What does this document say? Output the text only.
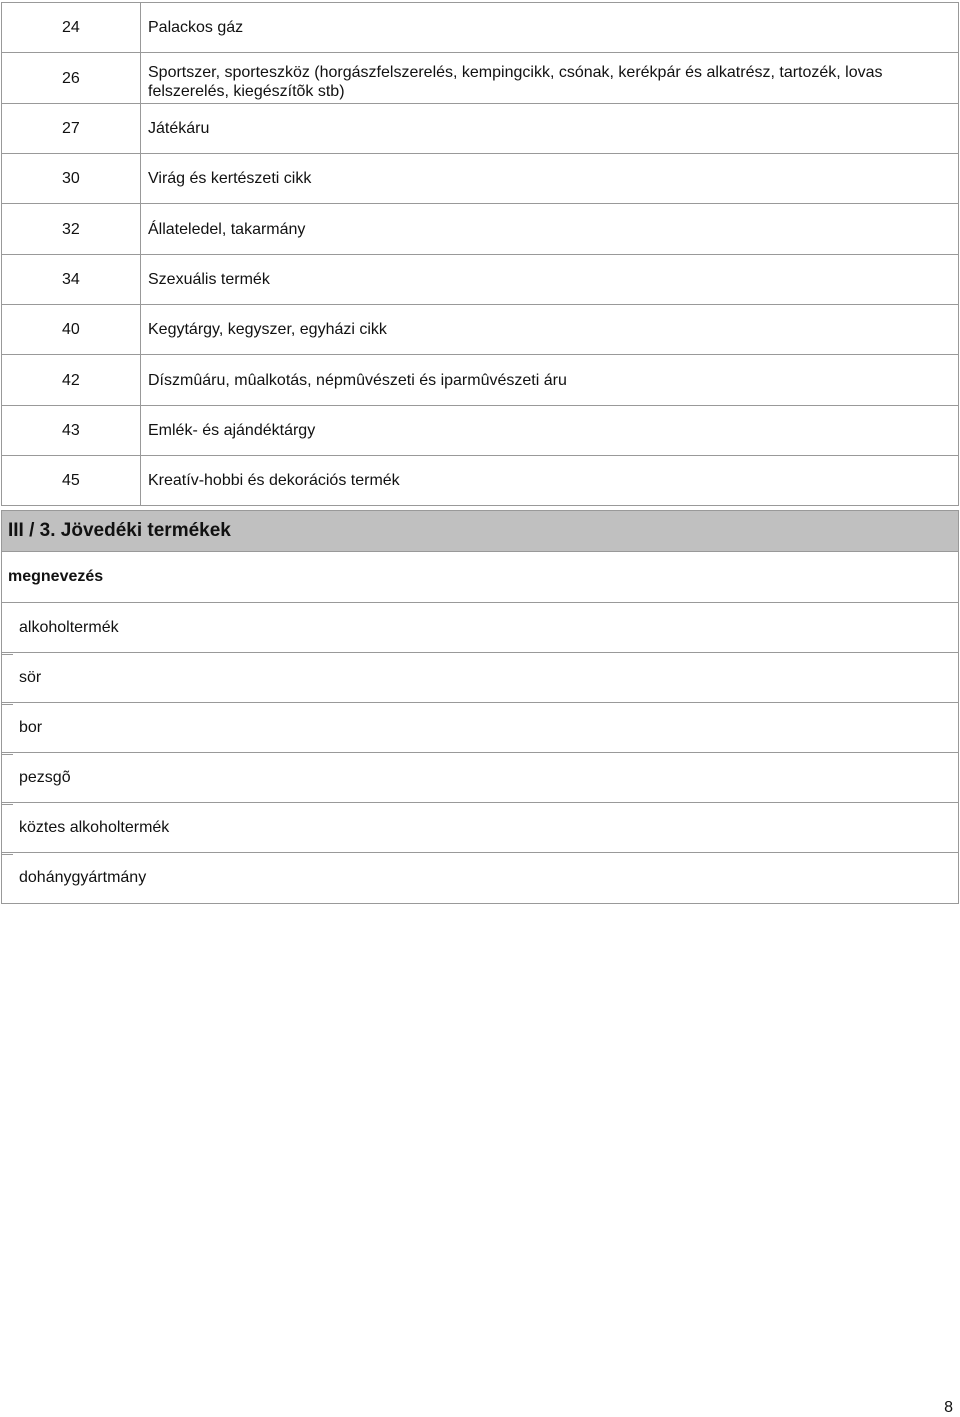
24	Palackos gáz
26	Sportszer, sporteszköz (horgászfelszerelés, kempingcikk, csónak, kerékpár és alkatrész, tartozék, lovas felszerelés, kiegészítõk stb)
27	Játékáru
30	Virág és kertészeti cikk
32	Állateledel, takarmány
34	Szexuális termék
40	Kegytárgy, kegyszer, egyházi cikk
42	Díszmûáru, mûalkotás, népmûvészeti és iparmûvészeti áru
43	Emlék- és ajándéktárgy
45	Kreatív-hobbi és dekorációs termék
III / 3. Jövedéki termékek
megnevezés
alkoholtermék
sör
bor
pezsgõ
köztes alkoholtermék
dohánygyártmány
8
